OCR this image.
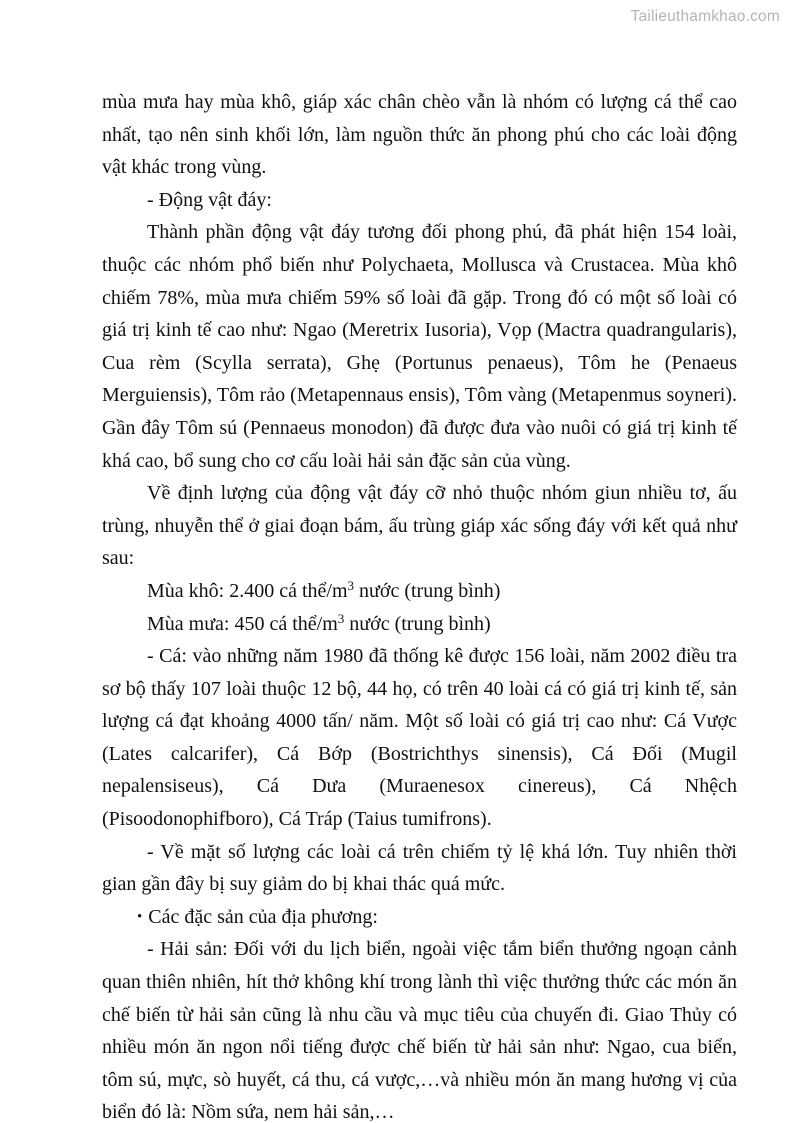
Tailieuthamkhao.com

mùa mưa hay mùa khô, giáp xác chân chèo vẫn là nhóm có lượng cá thể cao nhất, tạo nên sinh khối lớn, làm nguồn thức ăn phong phú cho các loài động vật khác trong vùng.

- Động vật đáy:

Thành phần động vật đáy tương đối phong phú, đã phát hiện 154 loài, thuộc các nhóm phổ biến như Polychaeta, Mollusca và Crustacea. Mùa khô chiếm 78%, mùa mưa chiếm 59% số loài đã gặp. Trong đó có một số loài có giá trị kinh tế cao như: Ngao (Meretrix Iusoria), Vọp (Mactra quadrangularis), Cua rèm (Scylla serrata), Ghẹ (Portunus penaeus), Tôm he (Penaeus Merguiensis), Tôm rảo (Metapennaus ensis), Tôm vàng (Metapenmus soyneri). Gần đây Tôm sú (Pennaeus monodon) đã được đưa vào nuôi có giá trị kinh tế khá cao, bổ sung cho cơ cấu loài hải sản đặc sản của vùng.

Về định lượng của động vật đáy cỡ nhỏ thuộc nhóm giun nhiều tơ, ấu trùng, nhuyễn thể ở giai đoạn bám, ấu trùng giáp xác sống đáy với kết quả như sau:

Mùa khô: 2.400 cá thể/$m^3$ nước (trung bình)

Mùa mưa: 450 cá thể/$m^3$ nước (trung bình)

- Cá: vào những năm 1980 đã thống kê được 156 loài, năm 2002 điều tra sơ bộ thấy 107 loài thuộc 12 bộ, 44 họ, có trên 40 loài cá có giá trị kinh tế, sản lượng cá đạt khoảng 4000 tấn/ năm. Một số loài có giá trị cao như: Cá Vược (Lates calcarifer), Cá Bớp (Bostrichthys sinensis), Cá Đối (Mugil nepalensiseus), Cá Dưa (Muraenesox cinereus), Cá Nhệch (Pisoodonophifboro), Cá Tráp (Taius tumifrons).

- Về mặt số lượng các loài cá trên chiếm tỷ lệ khá lớn. Tuy nhiên thời gian gần đây bị suy giảm do bị khai thác quá mức.

• Các đặc sản của địa phương:

- Hải sản: Đối với du lịch biển, ngoài việc tắm biển thưởng ngoạn cảnh quan thiên nhiên, hít thở không khí trong lành thì việc thưởng thức các món ăn chế biến từ hải sản cũng là nhu cầu và mục tiêu của chuyến đi. Giao Thủy có nhiều món ăn ngon nổi tiếng được chế biến từ hải sản như: Ngao, cua biển, tôm sú, mực, sò huyết, cá thu, cá vược,…và nhiều món ăn mang hương vị của biển đó là: Nồm sứa, nem hải sản,…
